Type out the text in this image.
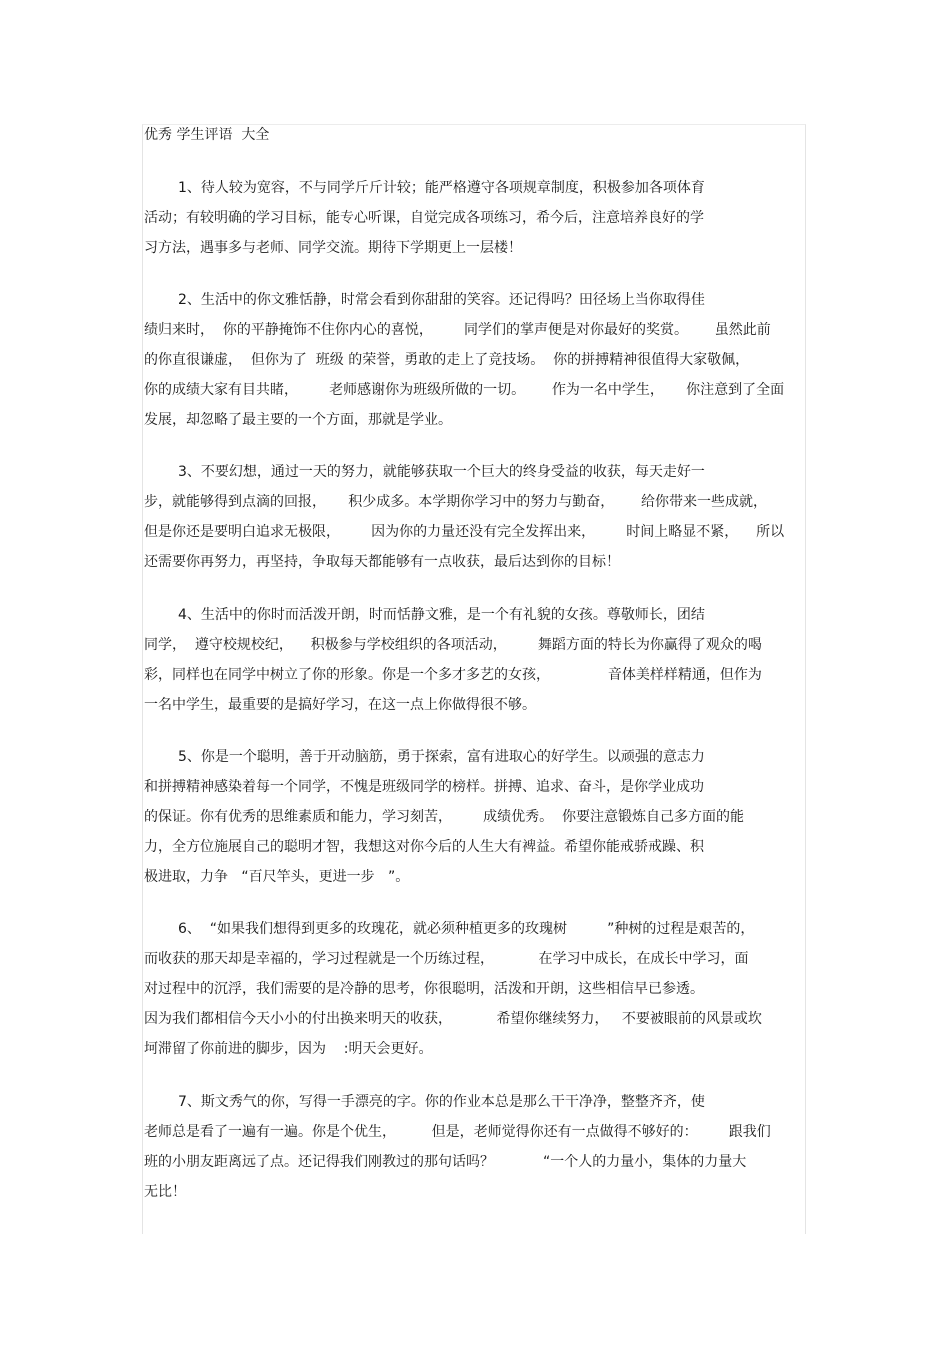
优秀 学生评语  大全
1、待人较为宽容，不与同学斤斤计较；能严格遵守各项规章制度，积极参加各项体育
活动；有较明确的学习目标，能专心听课，自觉完成各项练习，希今后，注意培养良好的学
习方法，遇事多与老师、同学交流。期待下学期更上一层楼！
2、生活中的你文雅恬静，时常会看到你甜甜的笑容。还记得吗？田径场上当你取得佳
绩归来时，  你的平静掩饰不住你内心的喜悦，       同学们的掌声便是对你最好的奖赏。      虽然此前
的你直很谦虚，  但你为了  班级 的荣誉，勇敢的走上了竞技场。  你的拼搏精神很值得大家敬佩，
你的成绩大家有目共睹，       老师感谢你为班级所做的一切。      作为一名中学生，     你注意到了全面
发展，却忽略了最主要的一个方面，那就是学业。
3、不要幻想，通过一天的努力，就能够获取一个巨大的终身受益的收获，每天走好一
步，就能够得到点滴的回报，     积少成多。本学期你学习中的努力与勤奋，      给你带来一些成就，
但是你还是要明白追求无极限，       因为你的力量还没有完全发挥出来，       时间上略显不紧，    所以
还需要你再努力，再坚持，争取每天都能够有一点收获，最后达到你的目标！
4、生活中的你时而活泼开朗，时而恬静文雅，是一个有礼貌的女孩。尊敬师长，团结
同学，  遵守校规校纪，    积极参与学校组织的各项活动，       舞蹈方面的特长为你赢得了观众的喝
彩，同样也在同学中树立了你的形象。你是一个多才多艺的女孩，             音体美样样精通，但作为
一名中学生，最重要的是搞好学习，在这一点上你做得很不够。
5、你是一个聪明，善于开动脑筋，勇于探索，富有进取心的好学生。以顽强的意志力
和拼搏精神感染着每一个同学，不愧是班级同学的榜样。拼搏、追求、奋斗，是你学业成功
的保证。你有优秀的思维素质和能力，学习刻苦，       成绩优秀。  你要注意锻炼自己多方面的能
力，全方位施展自己的聪明才智，我想这对你今后的人生大有裨益。希望你能戒骄戒躁、积
极进取，力争   “百尺竿头，更进一步   ”。
6、  “如果我们想得到更多的玫瑰花，就必须种植更多的玫瑰树         ”种树的过程是艰苦的，
而收获的那天却是幸福的，学习过程就是一个历练过程，          在学习中成长，在成长中学习，面
对过程中的沉浮，我们需要的是冷静的思考，你很聪明，活泼和开朗，这些相信早已参透。
因为我们都相信今天小小的付出换来明天的收获，          希望你继续努力，   不要被眼前的风景或坎
坷滞留了你前进的脚步，因为    :明天会更好。
7、斯文秀气的你，写得一手漂亮的字。你的作业本总是那么干干净净，整整齐齐，使
老师总是看了一遍有一遍。你是个优生，        但是，老师觉得你还有一点做得不够好的：       跟我们
班的小朋友距离远了点。还记得我们刚教过的那句话吗？           “一个人的力量小，集体的力量大
无比！
